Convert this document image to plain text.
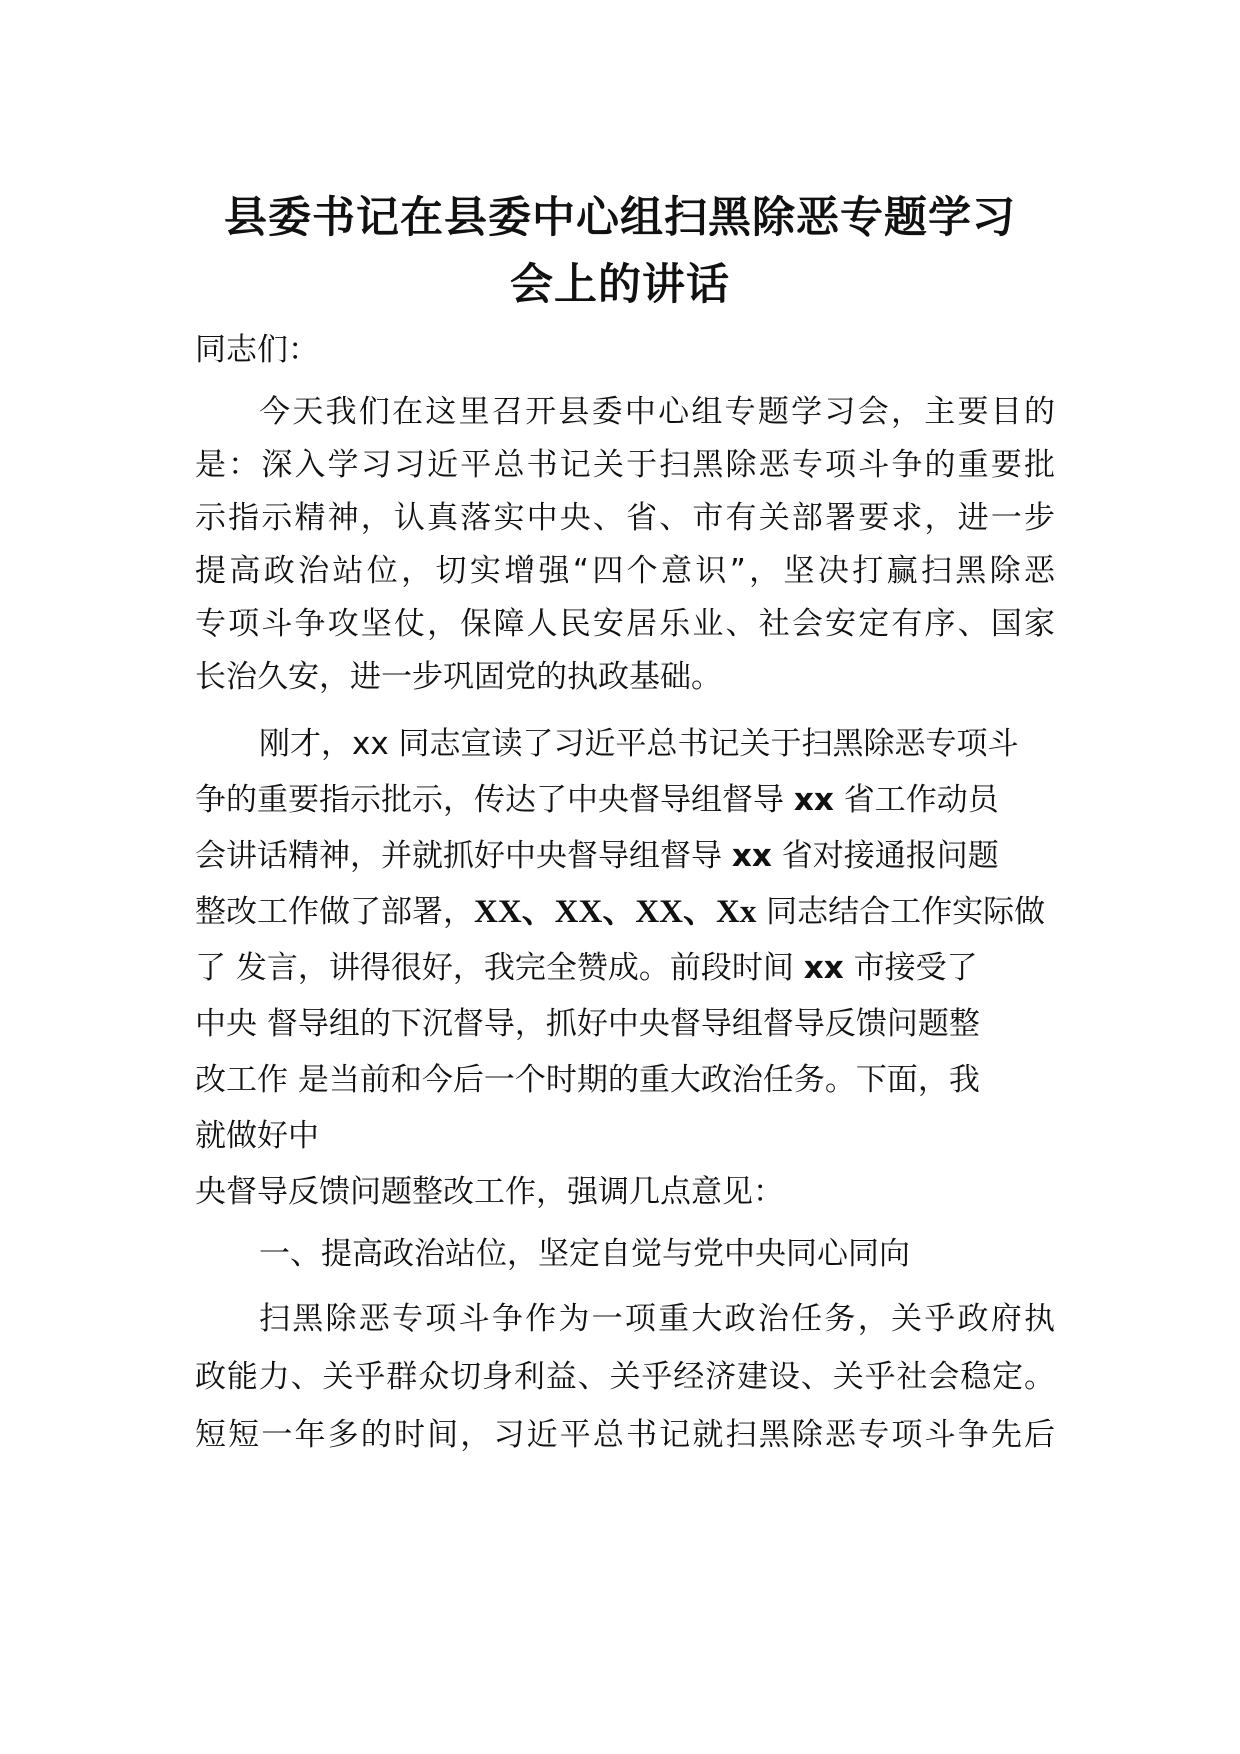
县委书记在县委中心组扫黑除恶专题学习
会上的讲话

同志们：

今天我们在这里召开县委中心组专题学习会，主要目的

是：深入学习习近平总书记关于扫黑除恶专项斗争的重要批

示指示精神，认真落实中央、省、市有关部署要求，进一步

提高政治站位，切实增强“四个意识”，坚决打赢扫黑除恶

专项斗争攻坚仗，保障人民安居乐业、社会安定有序、国家

长治久安，进一步巩固党的执政基础。

刚才，xx 同志宣读了习近平总书记关于扫黑除恶专项斗

争的重要指示批示，传达了中央督导组督导 xx 省工作动员

会讲话精神，并就抓好中央督导组督导 xx 省对接通报问题

整改工作做了部署，XX、XX、XX、Xx 同志结合工作实际做

了 发言，讲得很好，我完全赞成。前段时间 xx 市接受了

中央 督导组的下沉督导，抓好中央督导组督导反馈问题整

改工作 是当前和今后一个时期的重大政治任务。下面，我

就做好中

央督导反馈问题整改工作，强调几点意见：

一、提高政治站位，坚定自觉与党中央同心同向

扫黑除恶专项斗争作为一项重大政治任务，关乎政府执

政能力、关乎群众切身利益、关乎经济建设、关乎社会稳定。

短短一年多的时间，习近平总书记就扫黑除恶专项斗争先后
